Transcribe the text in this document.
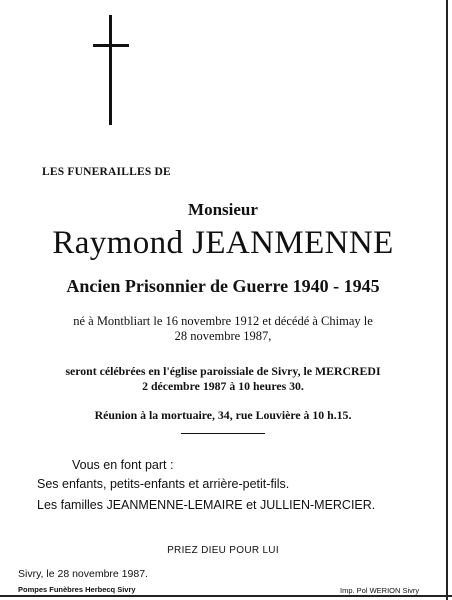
LES FUNERAILLES DE

Monsieur

Raymond JEANMENNE

Ancien Prisonnier de Guerre 1940 - 1945

né à Montbliart le 16 novembre 1912 et décédé à Chimay le

28 novembre 1987,

seront célébrées en l'église paroissiale de Sivry, le MERCREDI

2 décembre 1987 à 10 heures 30.

Réunion à la mortuaire, 34, rue Louvière à 10 h.15.

Vous en font part :

Ses enfants, petits-enfants et arrière-petit-fils.

Les familles JEANMENNE-LEMAIRE et JULLIEN-MERCIER.

PRIEZ DIEU POUR LUI

Sivry, le 28 novembre 1987.

Pompes Funèbres Herbecq Sivry	Imp. Pol WERION Sivry
